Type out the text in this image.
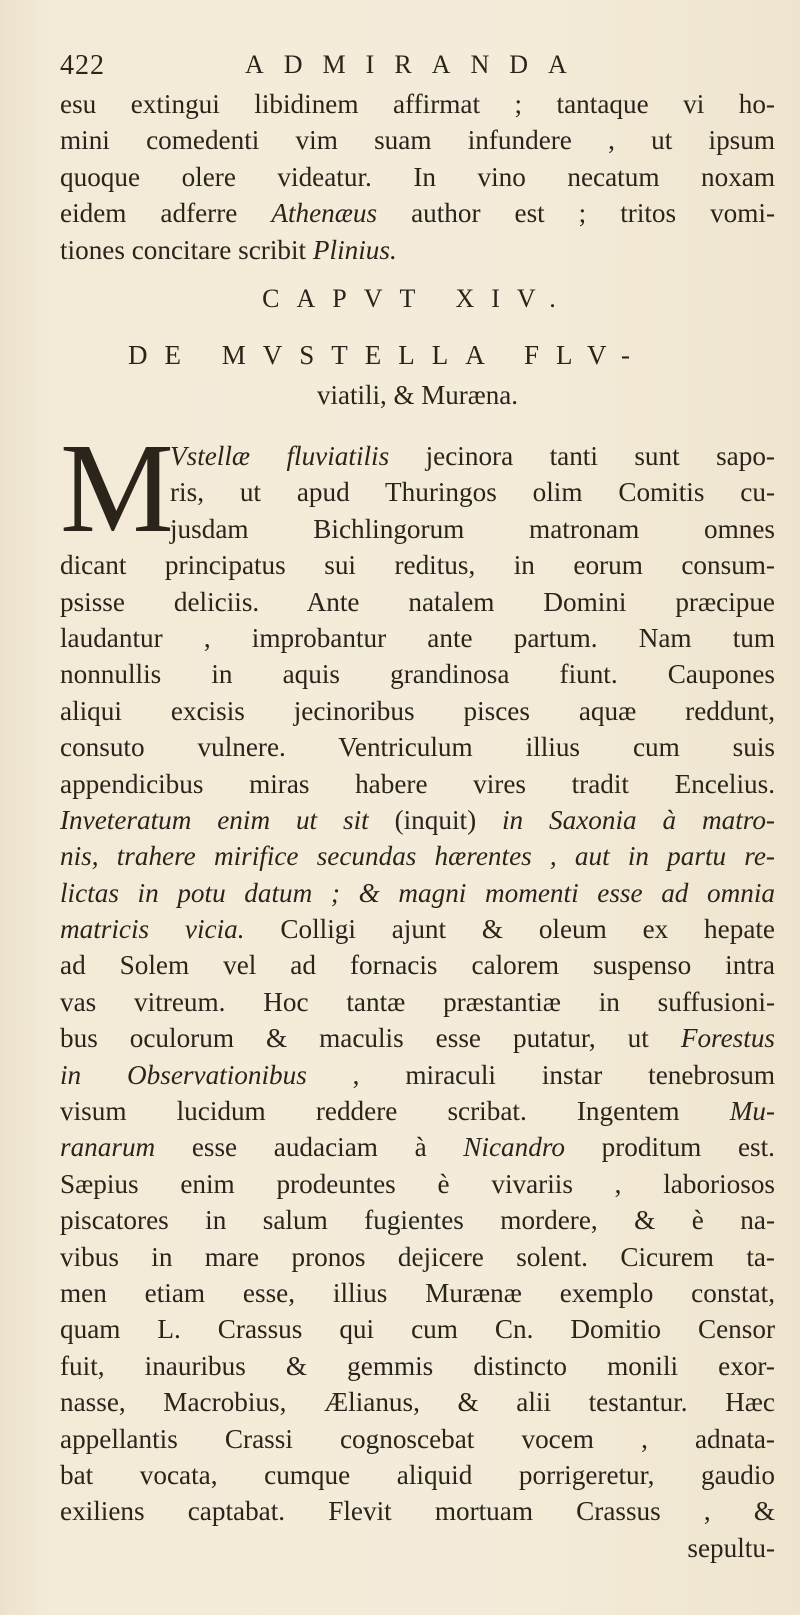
422	ADMIRANDA
esu extingui libidinem affirmat ; tantaque vi ho-
mini comedenti vim suam infundere , ut ipsum
quoque olere videatur. In vino necatum noxam
eidem adferre Athenæus author est ; tritos vomi-
tiones concitare scribit Plinius.
CAPVT XIV.
DE MVSTELLA FLV-
viatili, & Muræna.
M
Vstellæ fluviatilis jecinora tanti sunt sapo-
ris, ut apud Thuringos olim Comitis cu-
jusdam Bichlingorum matronam omnes
dicant principatus sui reditus, in eorum consum-
psisse deliciis. Ante natalem Domini præcipue
laudantur , improbantur ante partum. Nam tum
nonnullis in aquis grandinosa fiunt. Caupones
aliqui excisis jecinoribus pisces aquæ reddunt,
consuto vulnere. Ventriculum illius cum suis
appendicibus miras habere vires tradit Encelius.
Inveteratum enim ut sit (inquit) in Saxonia à matro-
nis, trahere mirifice secundas hærentes , aut in partu re-
lictas in potu datum ; & magni momenti esse ad omnia
matricis vicia. Colligi ajunt & oleum ex hepate
ad Solem vel ad fornacis calorem suspenso intra
vas vitreum. Hoc tantæ præstantiæ in suffusioni-
bus oculorum & maculis esse putatur, ut Forestus
in Observationibus , miraculi instar tenebrosum
visum lucidum reddere scribat. Ingentem Mu-
ranarum esse audaciam à Nicandro proditum est.
Sæpius enim prodeuntes è vivariis , laboriosos
piscatores in salum fugientes mordere, & è na-
vibus in mare pronos dejicere solent. Cicurem ta-
men etiam esse, illius Murænæ exemplo constat,
quam L. Crassus qui cum Cn. Domitio Censor
fuit, inauribus & gemmis distincto monili exor-
nasse, Macrobius, Ælianus, & alii testantur. Hæc
appellantis Crassi cognoscebat vocem , adnata-
bat vocata, cumque aliquid porrigeretur, gaudio
exiliens captabat. Flevit mortuam Crassus , &
sepultu-
